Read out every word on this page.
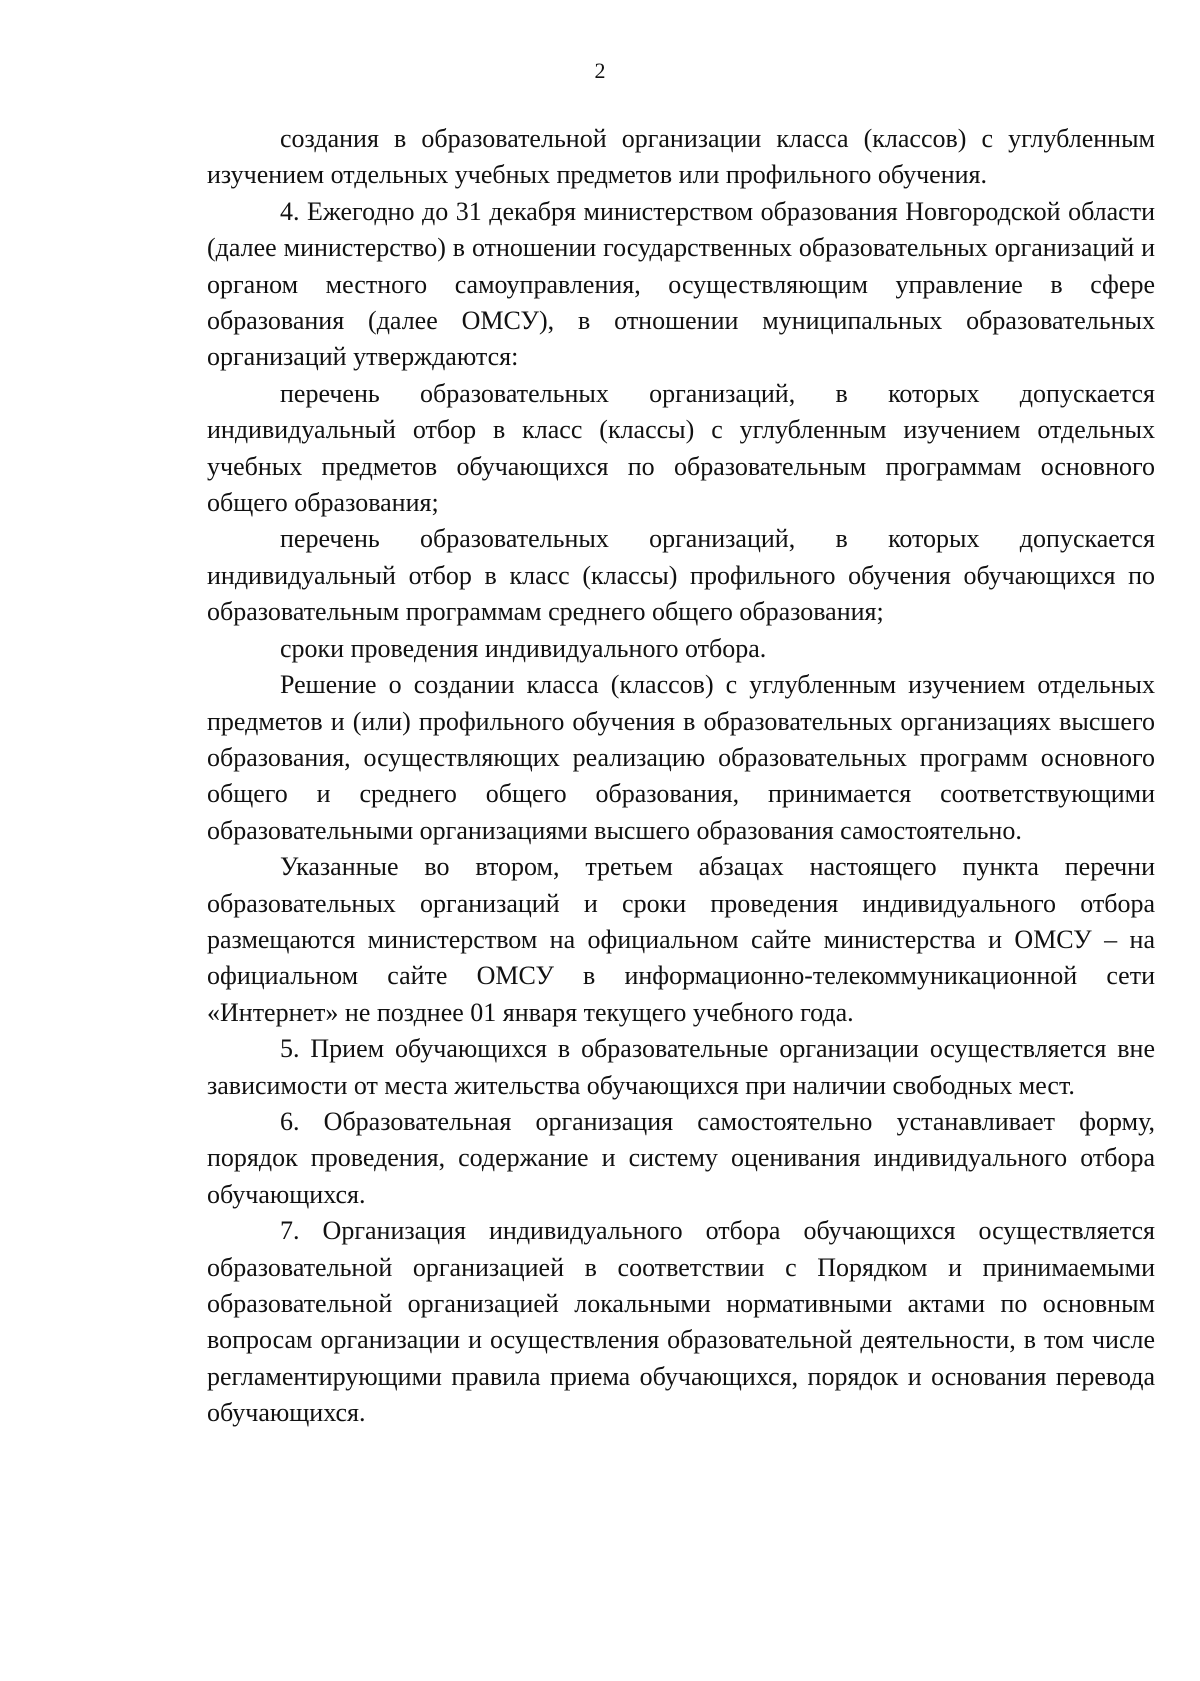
2

создания в образовательной организации класса (классов) с углубленным изучением отдельных учебных предметов или профильного обучения.

4. Ежегодно до 31 декабря министерством образования Новгородской области (далее министерство) в отношении государственных образовательных организаций и органом местного самоуправления, осуществляющим управление в сфере образования (далее ОМСУ), в отношении муниципальных образовательных организаций утверждаются:

перечень образовательных организаций, в которых допускается индивидуальный отбор в класс (классы) с углубленным изучением отдельных учебных предметов обучающихся по образовательным программам основного общего образования;

перечень образовательных организаций, в которых допускается индивидуальный отбор в класс (классы) профильного обучения обучающихся по образовательным программам среднего общего образования;

сроки проведения индивидуального отбора.

Решение о создании класса (классов) с углубленным изучением отдельных предметов и (или) профильного обучения в образовательных организациях высшего образования, осуществляющих реализацию образовательных программ основного общего и среднего общего образования, принимается соответствующими образовательными организациями высшего образования самостоятельно.

Указанные во втором, третьем абзацах настоящего пункта перечни образовательных организаций и сроки проведения индивидуального отбора размещаются министерством на официальном сайте министерства и ОМСУ – на официальном сайте ОМСУ в информационно-телекоммуникационной сети «Интернет» не позднее 01 января текущего учебного года.

5. Прием обучающихся в образовательные организации осуществляется вне зависимости от места жительства обучающихся при наличии свободных мест.

6. Образовательная организация самостоятельно устанавливает форму, порядок проведения, содержание и систему оценивания индивидуального отбора обучающихся.

7. Организация индивидуального отбора обучающихся осуществляется образовательной организацией в соответствии с Порядком и принимаемыми образовательной организацией локальными нормативными актами по основным вопросам организации и осуществления образовательной деятельности, в том числе регламентирующими правила приема обучающихся, порядок и основания перевода обучающихся.
